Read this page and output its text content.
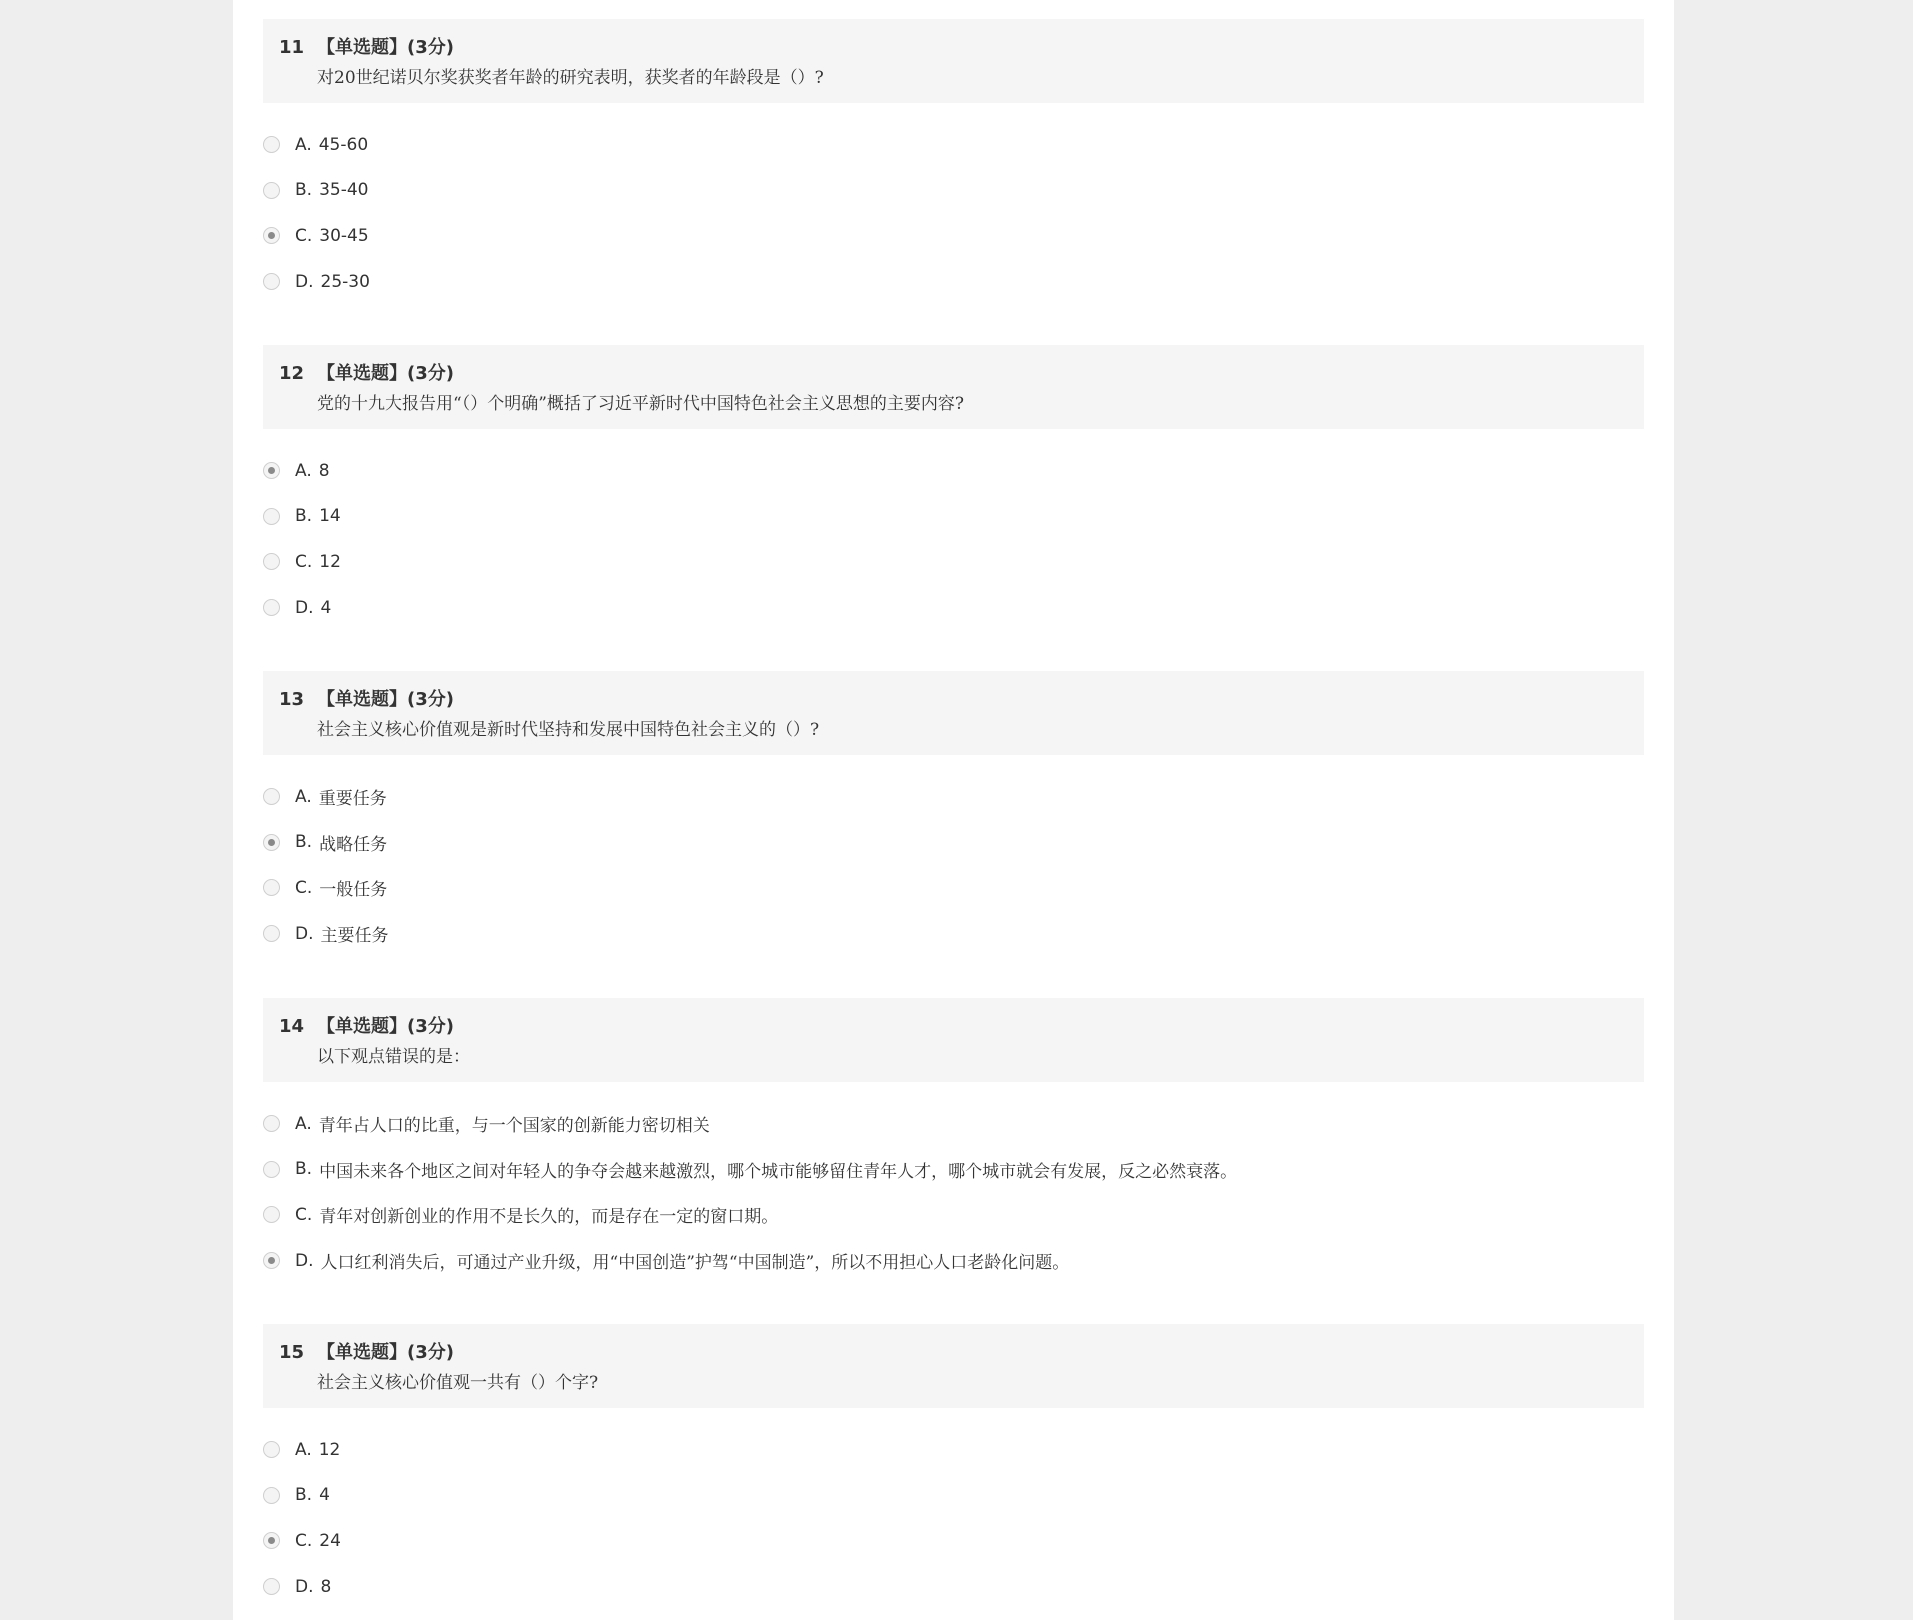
11 【单选题】(3分)
对20世纪诺贝尔奖获奖者年龄的研究表明，获奖者的年龄段是（）?
A. 45-60
B. 35-40
C. 30-45
D. 25-30
12 【单选题】(3分)
党的十九大报告用“（）个明确”概括了习近平新时代中国特色社会主义思想的主要内容?
A. 8
B. 14
C. 12
D. 4
13 【单选题】(3分)
社会主义核心价值观是新时代坚持和发展中国特色社会主义的（）?
A. 重要任务
B. 战略任务
C. 一般任务
D. 主要任务
14 【单选题】(3分)
以下观点错误的是：
A. 青年占人口的比重，与一个国家的创新能力密切相关
B. 中国未来各个地区之间对年轻人的争夺会越来越激烈，哪个城市能够留住青年人才，哪个城市就会有发展，反之必然衰落。
C. 青年对创新创业的作用不是长久的，而是存在一定的窗口期。
D. 人口红利消失后，可通过产业升级，用“中国创造”护驾“中国制造”，所以不用担心人口老龄化问题。
15 【单选题】(3分)
社会主义核心价值观一共有（）个字?
A. 12
B. 4
C. 24
D. 8
